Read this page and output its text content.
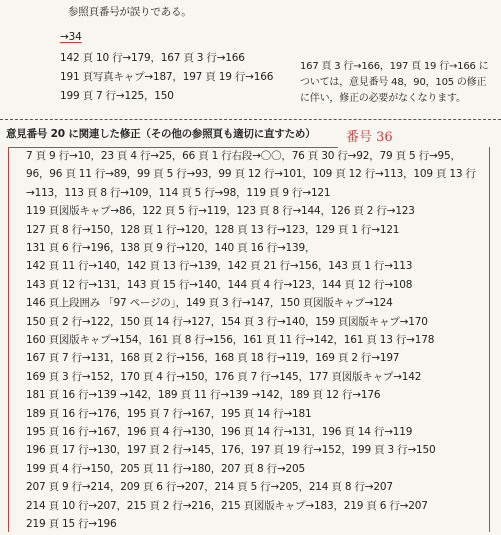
参照頁番号が誤りである。
→34
142 頁 10 行→179，167 頁 3 行→166
191 頁写真キャプ→187，197 頁 19 行→166
199 頁 7 行→125，150
167 頁 3 行→166，197 頁 19 行→166 に
ついては，意見番号 48，90，105 の修正
に伴い，修正の必要がなくなります。
意見番号 20 に関連した修正（その他の参照頁も適切に直すため） 番号 36
7 頁 9 行→10，23 頁 4 行→25，66 頁 1 行右段→〇〇，76 頁 30 行→92，79 頁 5 行→95，
96，96 頁 11 行→89，99 頁 5 行→93，99 頁 12 行→101，109 頁 12 行→113，109 頁 13 行
→113，113 頁 8 行→109，114 頁 5 行→98，119 頁 9 行→121
119 頁図版キャプ→86，122 頁 5 行→119，123 頁 8 行→144，126 頁 2 行→123
127 頁 8 行→150，128 頁 1 行→120，128 頁 13 行→123，129 頁 1 行→121
131 頁 6 行→196，138 頁 9 行→120，140 頁 16 行→139，
142 頁 11 行→140，142 頁 13 行→139，142 頁 21 行→156，143 頁 1 行→113
143 頁 12 行→131，143 頁 15 行→140，144 頁 4 行→123，144 頁 12 行→108
146 頁上段囲み 「97 ページの」，149 頁 3 行→147，150 頁図版キャプ→124
150 頁 2 行→122，150 頁 14 行→127，154 頁 3 行→140，159 頁図版キャプ→170
160 頁図版キャプ→154，161 頁 8 行→156，161 頁 11 行→142，161 頁 13 行→178
167 頁 7 行→131，168 頁 2 行→156，168 頁 18 行→119，169 頁 2 行→197
169 頁 3 行→152，170 頁 4 行→150，176 頁 7 行→145，177 頁図版キャプ→142
181 頁 16 行→139 →142，189 頁 11 行→139 →142，189 頁 12 行→176
189 頁 16 行→176，195 頁 7 行→167，195 頁 14 行→181
195 頁 16 行→167，196 頁 4 行→130，196 頁 14 行→131，196 頁 14 行→119
196 頁 17 行→130，197 頁 2 行→145，176，197 頁 19 行→152，199 頁 3 行→150
199 頁 4 行→150，205 頁 11 行→180，207 頁 8 行→205
207 頁 9 行→214，209 頁 6 行→207，214 頁 5 行→205，214 頁 8 行→207
214 頁 10 行→207，215 頁 2 行→216，215 頁図版キャプ→183，219 頁 6 行→207
219 頁 15 行→196
